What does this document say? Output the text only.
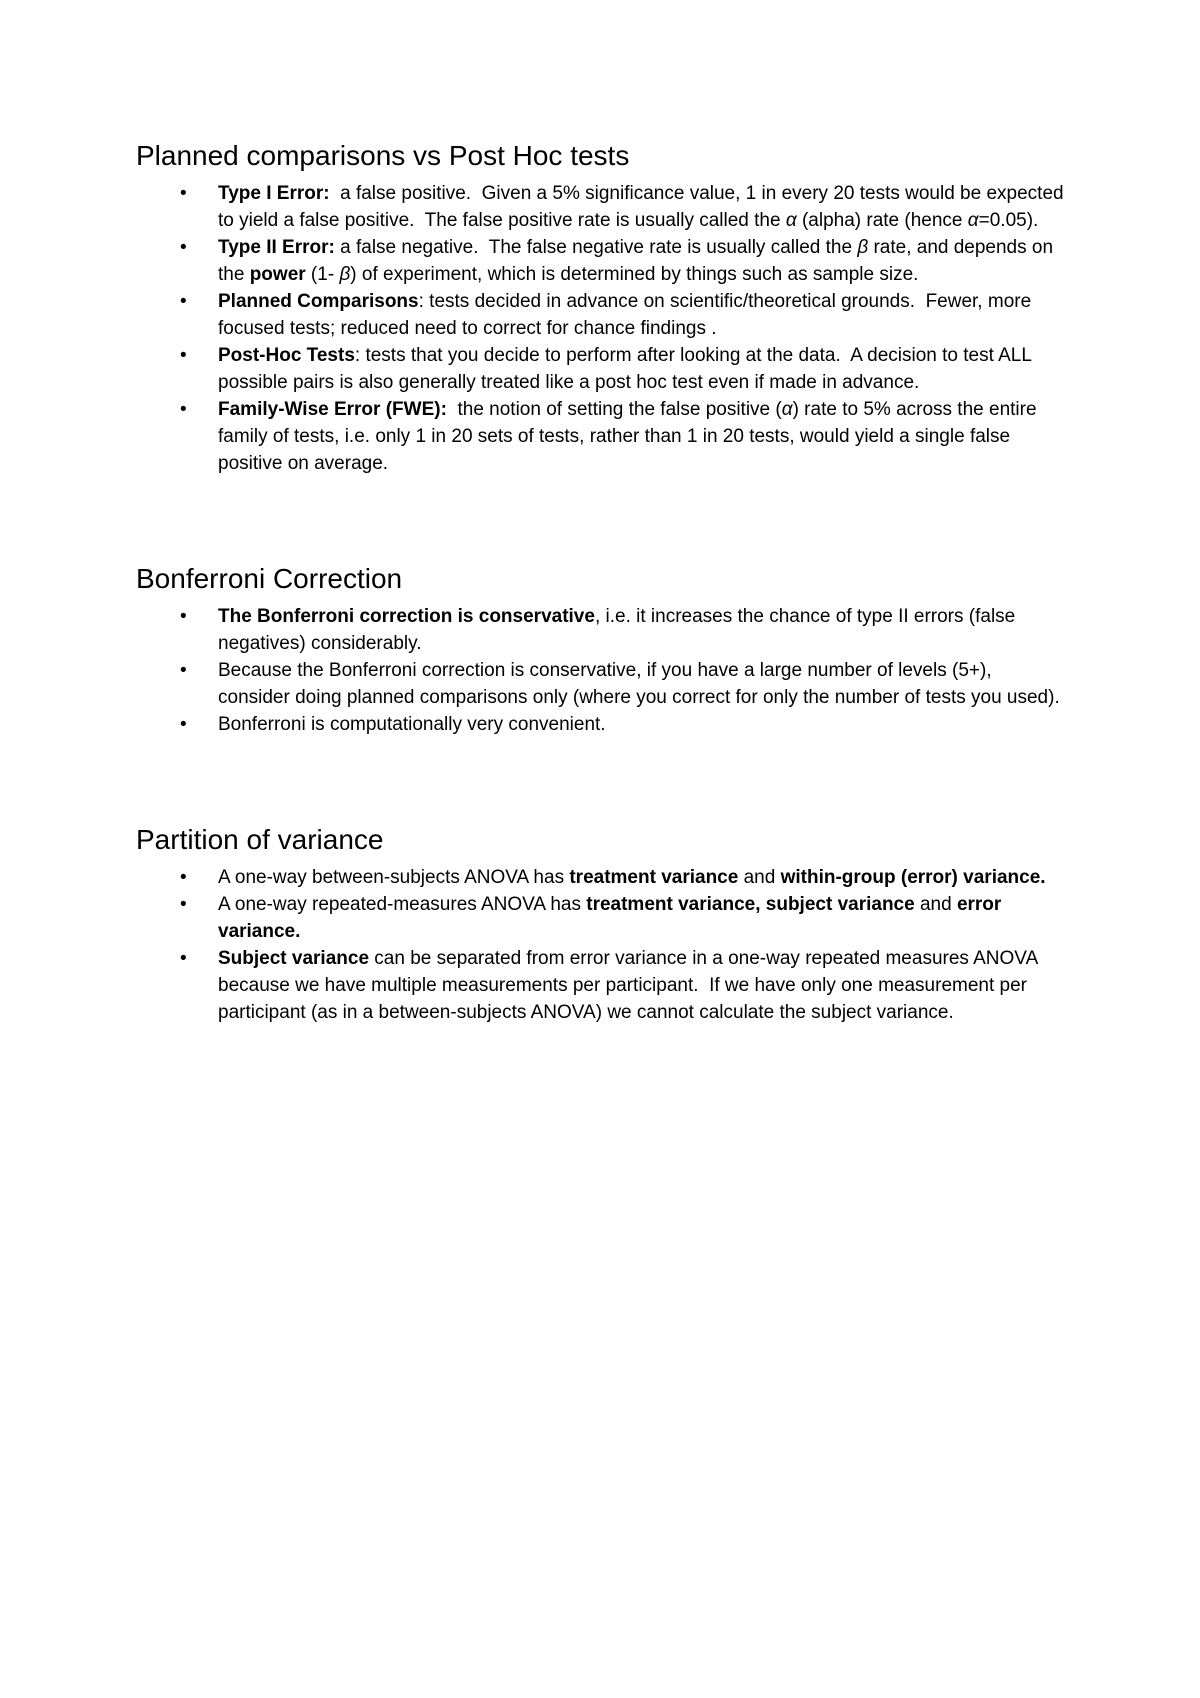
Planned comparisons vs Post Hoc tests
• Type I Error:  a false positive.  Given a 5% significance value, 1 in every 20 tests would be expected to yield a false positive.  The false positive rate is usually called the α (alpha) rate (hence α=0.05).
• Type II Error: a false negative.  The false negative rate is usually called the β rate, and depends on the power (1- β) of experiment, which is determined by things such as sample size.
• Planned Comparisons: tests decided in advance on scientific/theoretical grounds.  Fewer, more focused tests; reduced need to correct for chance findings .
• Post-Hoc Tests: tests that you decide to perform after looking at the data.  A decision to test ALL possible pairs is also generally treated like a post hoc test even if made in advance.
• Family-Wise Error (FWE):  the notion of setting the false positive (α) rate to 5% across the entire family of tests, i.e. only 1 in 20 sets of tests, rather than 1 in 20 tests, would yield a single false positive on average.
Bonferroni Correction
• The Bonferroni correction is conservative, i.e. it increases the chance of type II errors (false negatives) considerably.
• Because the Bonferroni correction is conservative, if you have a large number of levels (5+), consider doing planned comparisons only (where you correct for only the number of tests you used).
• Bonferroni is computationally very convenient.
Partition of variance
• A one-way between-subjects ANOVA has treatment variance and within-group (error) variance.
• A one-way repeated-measures ANOVA has treatment variance, subject variance and error variance.
• Subject variance can be separated from error variance in a one-way repeated measures ANOVA because we have multiple measurements per participant.  If we have only one measurement per participant (as in a between-subjects ANOVA) we cannot calculate the subject variance.
